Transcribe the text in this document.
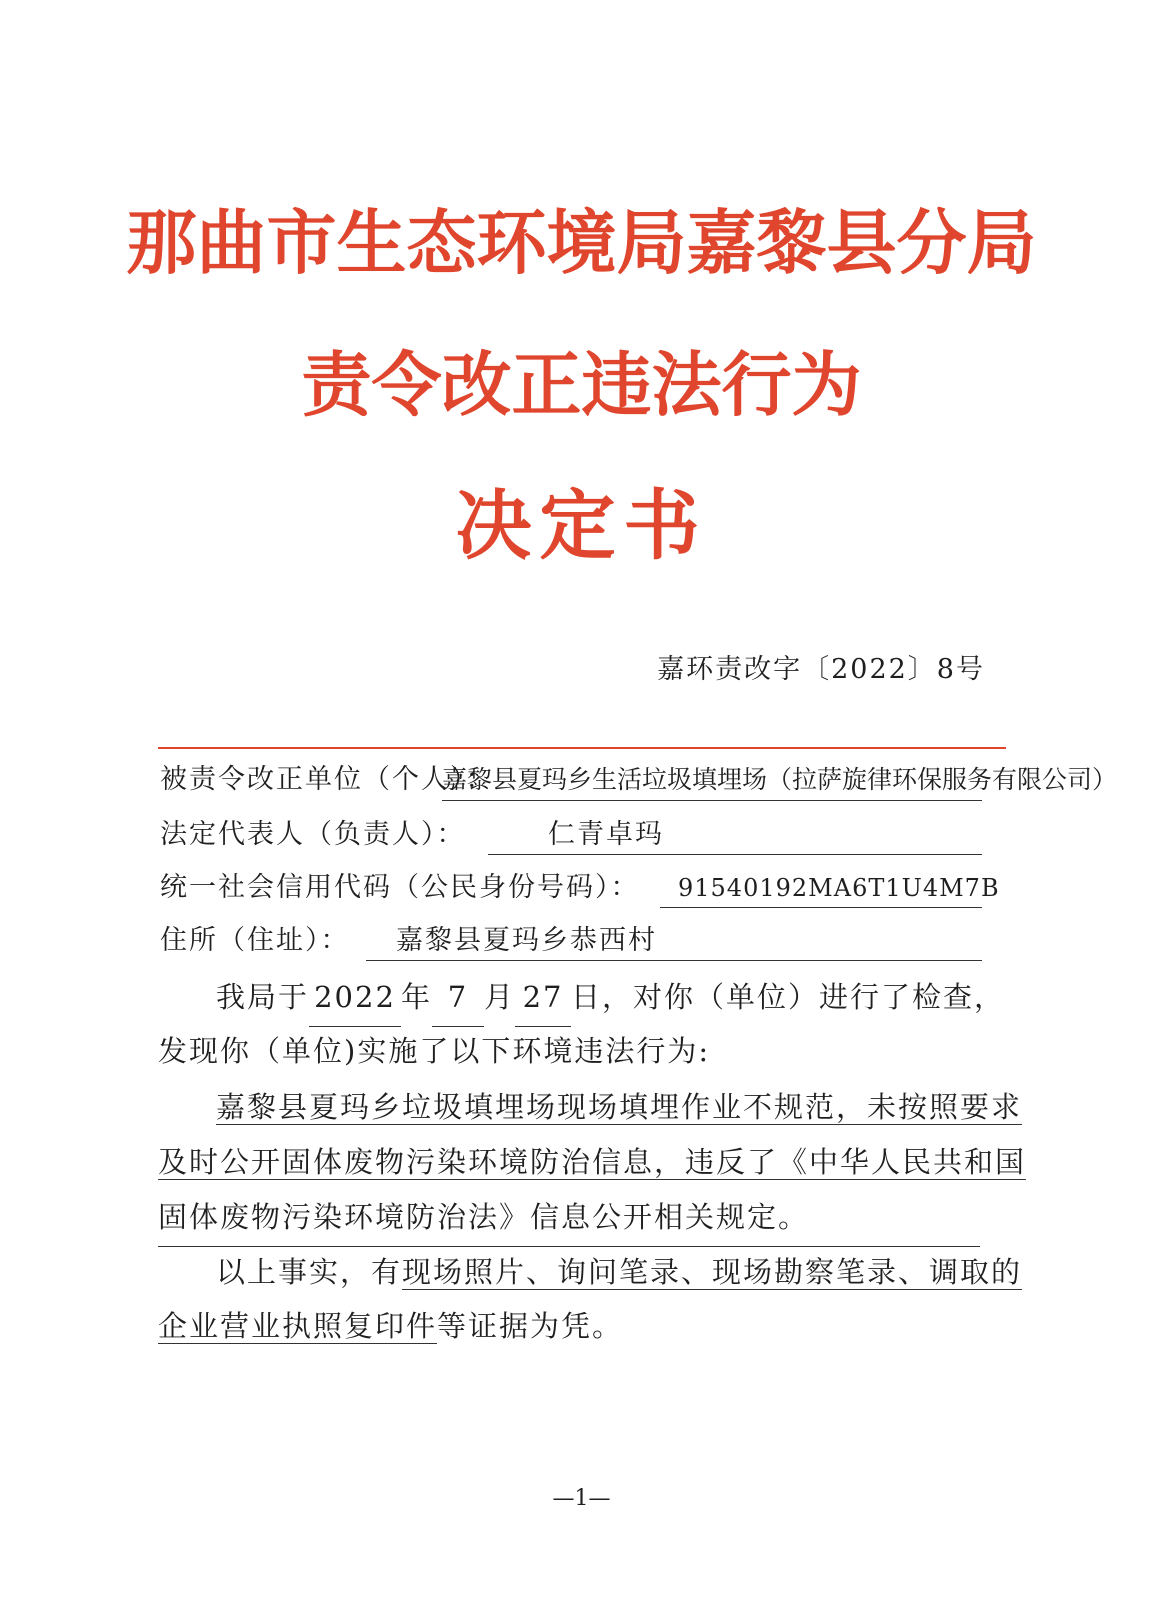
那曲市生态环境局嘉黎县分局
责令改正违法行为
决定书
嘉环责改字〔2022〕8号
被责令改正单位（个人）：
嘉黎县夏玛乡生活垃圾填埋场（拉萨旋律环保服务有限公司）
法定代表人（负责人）：	仁青卓玛
统一社会信用代码（公民身份号码）：	91540192MA6T1U4M7B
住所（住址）：	嘉黎县夏玛乡恭西村
我局于 2022 年 7 月 27 日，对你（单位）进行了检查，
发现你（单位)实施了以下环境违法行为:
嘉黎县夏玛乡垃圾填埋场现场填埋作业不规范，未按照要求
及时公开固体废物污染环境防治信息，违反了《中华人民共和国
固体废物污染环境防治法》信息公开相关规定。
以上事实，有现场照片、询问笔录、现场勘察笔录、调取的
企业营业执照复印件等证据为凭。
—1—
